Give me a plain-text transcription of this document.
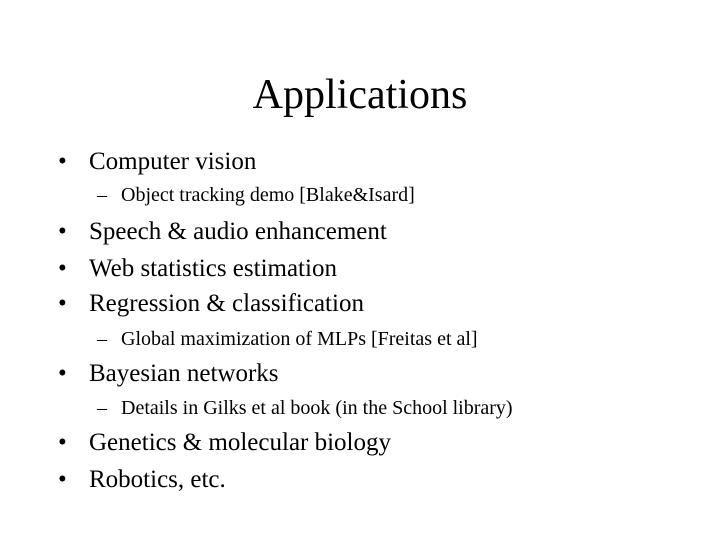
Applications
• Computer vision
– Object tracking demo [Blake&Isard]
• Speech & audio enhancement
• Web statistics estimation
• Regression & classification
– Global maximization of MLPs [Freitas et al]
• Bayesian networks
– Details in Gilks et al book (in the School library)
• Genetics & molecular biology
• Robotics, etc.
